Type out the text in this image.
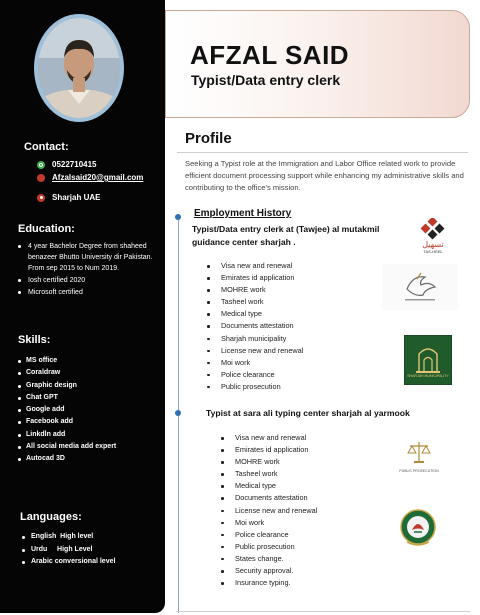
Contact:
0522710415
Afzalsaid20@gmail.com
Sharjah UAE
Education:
4 year Bachelor Degree from shaheed benazeer Bhutto University dir Pakistan. From sep 2015 to Num 2019.
Iosh certified 2020
Microsoft certified
Skills:
MS office
Coraldraw
Graphic design
Chat GPT
Google add
Facebook add
Linkdln add
All social media add expert
Autocad 3D
Languages:
English  High level
Urdu     High Level
Arabic conversional level
AFZAL SAID
Typist/Data entry clerk
Profile

Seeking a Typist role at the Immigration and Labor Office related work to provide efficient document processing support while enhancing my administrative skills and contributing to the office's mission.

Employment History

Typist/Data entry clerk at (Tawjee) al mutakmil guidance center sharjah .

Visa new and renewal
Emirates id application
MOHRE work
Tasheel work
Medical type
Documents attestation
Sharjah municipality
License new and renewal
Moi work
Police clearance
Public prosecution

Typist at sara ali typing center sharjah al yarmook

Visa new and renewal
Emirates id application
MOHRE work
Tasheel work
Medical type
Documents attestation
License new and renewal
Moi work
Police clearance
Public prosecution
States change.
Security approval.
Insurance typing.
تسهيل
TAS-HEEL
SHARJAH MUNICIPALITY
PUBLIC PROSECUTION
